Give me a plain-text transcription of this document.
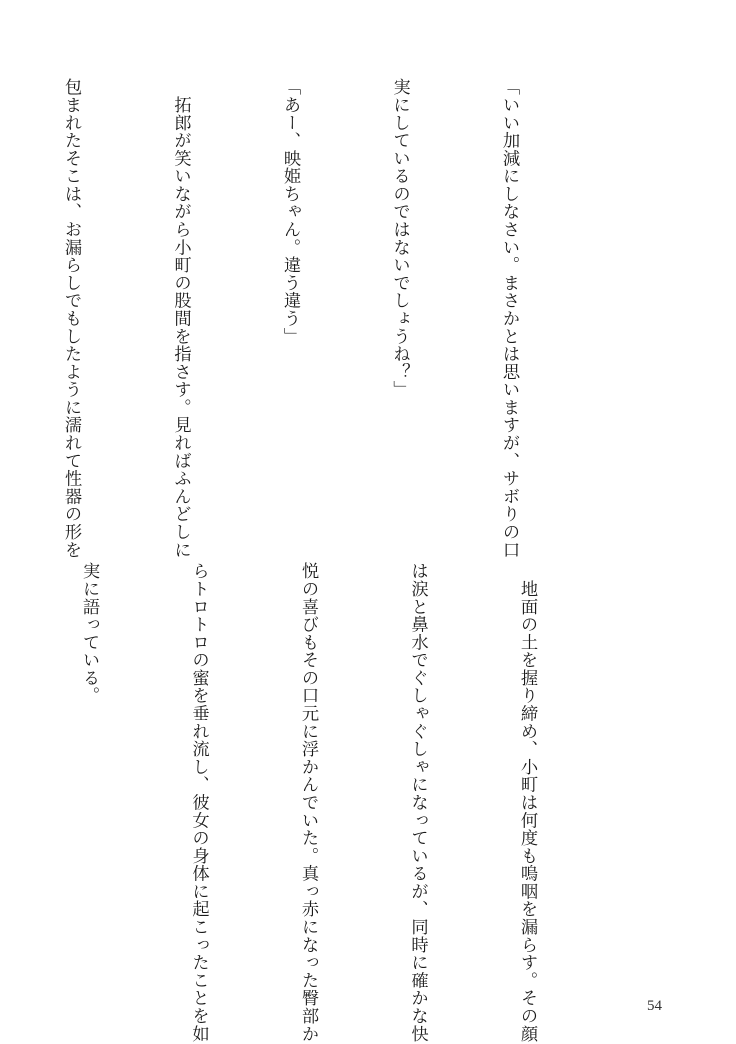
「いい加減にしなさい。まさかとは思いますが、サボりの口

実にしているのではないでしょうね？」

「あー、映姫ちゃん。違う違う」

　拓郎が笑いながら小町の股間を指さす。見ればふんどしに

包まれたそこは、お漏らしでもしたように濡れて性器の形を

　地面の土を握り締め、小町は何度も嗚咽を漏らす。その顔

は涙と鼻水でぐしゃぐしゃになっているが、同時に確かな快

悦の喜びもその口元に浮かんでいた。真っ赤になった臀部か

らトロトロの蜜を垂れ流し、彼女の身体に起こったことを如

実に語っている。

54
